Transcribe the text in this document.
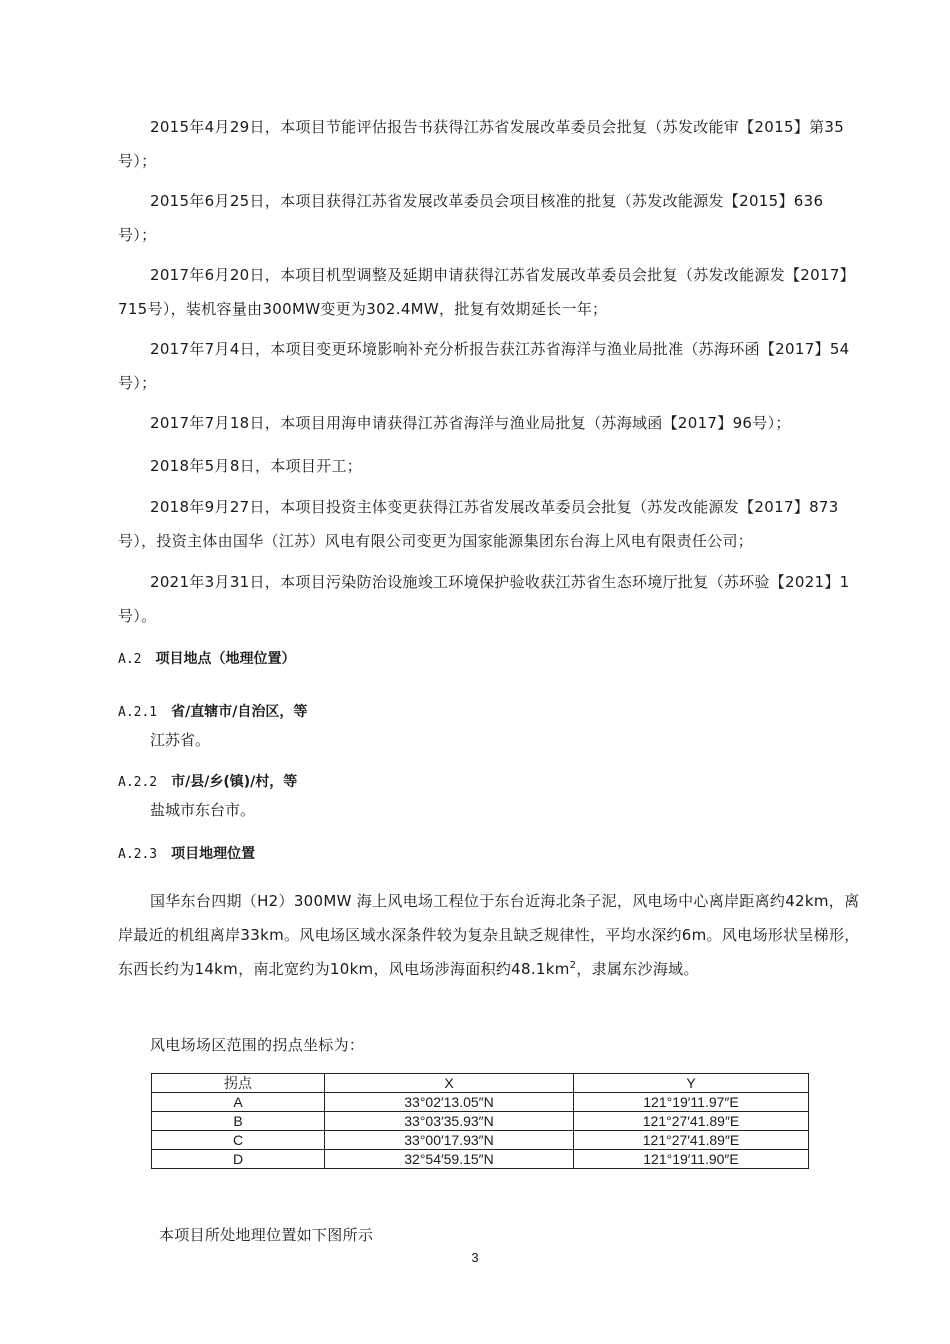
2015年4月29日，本项目节能评估报告书获得江苏省发展改革委员会批复（苏发改能审【2015】第35号）；

2015年6月25日，本项目获得江苏省发展改革委员会项目核准的批复（苏发改能源发【2015】636号）；

2017年6月20日，本项目机型调整及延期申请获得江苏省发展改革委员会批复（苏发改能源发【2017】715号），装机容量由300MW变更为302.4MW，批复有效期延长一年；

2017年7月4日，本项目变更环境影响补充分析报告获江苏省海洋与渔业局批准（苏海环函【2017】54号）；

2017年7月18日，本项目用海申请获得江苏省海洋与渔业局批复（苏海域函【2017】96号）；

2018年5月8日，本项目开工；

2018年9月27日，本项目投资主体变更获得江苏省发展改革委员会批复（苏发改能源发【2017】873号），投资主体由国华（江苏）风电有限公司变更为国家能源集团东台海上风电有限责任公司；

2021年3月31日，本项目污染防治设施竣工环境保护验收获江苏省生态环境厅批复（苏环验【2021】1号）。

A.2 项目地点（地理位置）
A.2.1 省/直辖市/自治区，等
江苏省。
A.2.2 市/县/乡(镇)/村，等
盐城市东台市。
A.2.3 项目地理位置

国华东台四期（H2）300MW 海上风电场工程位于东台近海北条子泥，风电场中心离岸距离约42km，离岸最近的机组离岸33km。风电场区域水深条件较为复杂且缺乏规律性，平均水深约6m。风电场形状呈梯形，东西长约为14km，南北宽约为10km，风电场涉海面积约$48.1km^2$，隶属东沙海域。

风电场场区范围的拐点坐标为：

拐点	X	Y
A	33°02′13.05″N	121°19′11.97″E
B	33°03′35.93″N	121°27′41.89″E
C	33°00′17.93″N	121°27′41.89″E
D	32°54′59.15″N	121°19′11.90″E

本项目所处地理位置如下图所示

3
